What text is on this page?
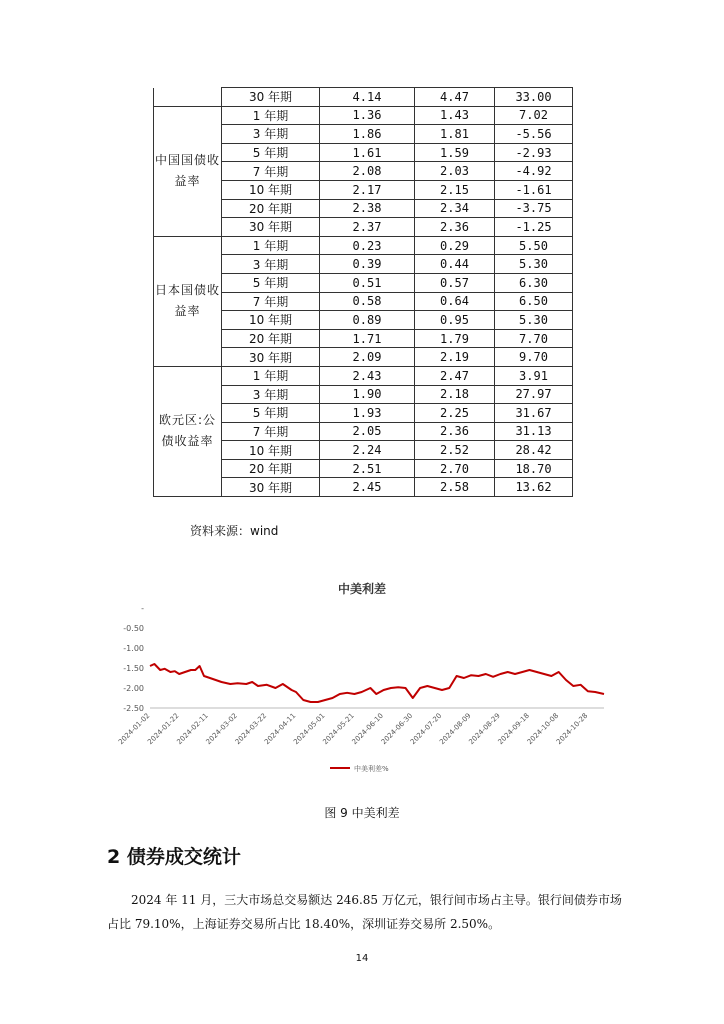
	30 年期	4.14	4.47	33.00
中国国债收益率	1 年期	1.36	1.43	7.02
	3 年期	1.86	1.81	-5.56
	5 年期	1.61	1.59	-2.93
	7 年期	2.08	2.03	-4.92
	10 年期	2.17	2.15	-1.61
	20 年期	2.38	2.34	-3.75
	30 年期	2.37	2.36	-1.25
日本国债收益率	1 年期	0.23	0.29	5.50
	3 年期	0.39	0.44	5.30
	5 年期	0.51	0.57	6.30
	7 年期	0.58	0.64	6.50
	10 年期	0.89	0.95	5.30
	20 年期	1.71	1.79	7.70
	30 年期	2.09	2.19	9.70
欧元区:公债收益率	1 年期	2.43	2.47	3.91
	3 年期	1.90	2.18	27.97
	5 年期	1.93	2.25	31.67
	7 年期	2.05	2.36	31.13
	10 年期	2.24	2.52	28.42
	20 年期	2.51	2.70	18.70
	30 年期	2.45	2.58	13.62
资料来源：wind
中美利差
-
-0.50
-1.00
-1.50
-2.00
-2.50
2024-01-02
2024-01-22
2024-02-11
2024-03-02
2024-03-22
2024-04-11
2024-05-01
2024-05-21
2024-06-10
2024-06-30
2024-07-20
2024-08-09
2024-08-29
2024-09-18
2024-10-08
2024-10-28
中美利差%
图 9 中美利差
2 债券成交统计
2024 年 11 月，三大市场总交易额达 246.85 万亿元，银行间市场占主导。银行间债券市场占比 79.10%，上海证券交易所占比 18.40%，深圳证券交易所 2.50%。
14
